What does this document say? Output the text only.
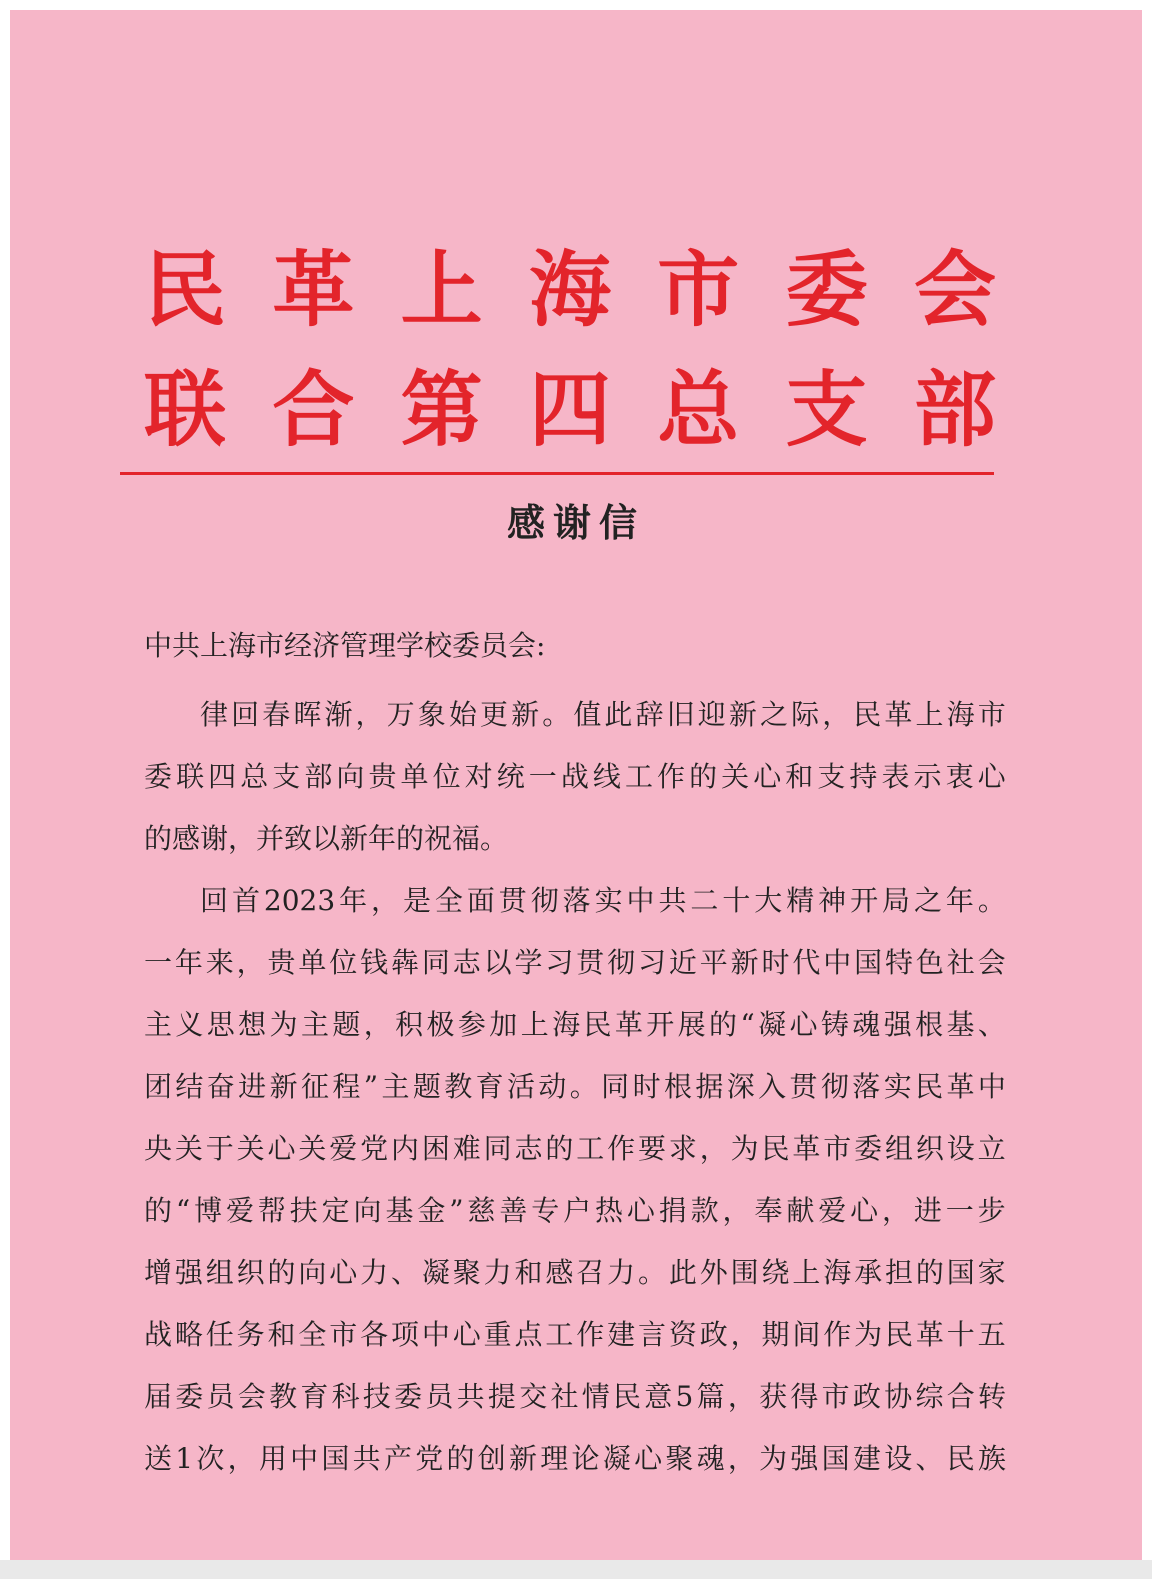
民 革 上 海 市 委 会
联 合 第 四 总 支 部
感谢信

中共上海市经济管理学校委员会:

律 回 春 晖 渐 ， 万 象 始 更 新 。 值 此 辞 旧 迎 新 之 际 ， 民 革 上 海 市
委 联 四 总 支 部 向 贵 单 位 对 统 一 战 线 工 作 的 关 心 和 支 持 表 示 衷 心
的感谢，并致以新年的祝福。
回 首 2023 年 ， 是 全 面 贯 彻 落 实 中 共 二 十 大 精 神 开 局 之 年 。
一 年 来 ， 贵 单 位 钱 犇 同 志 以 学 习 贯 彻 习 近 平 新 时 代 中 国 特 色 社 会
主 义 思 想 为 主 题 ， 积 极 参 加 上 海 民 革 开 展 的 “ 凝 心 铸 魂 强 根 基 、
团 结 奋 进 新 征 程 ” 主 题 教 育 活 动 。 同 时 根 据 深 入 贯 彻 落 实 民 革 中
央 关 于 关 心 关 爱 党 内 困 难 同 志 的 工 作 要 求 ， 为 民 革 市 委 组 织 设 立
的 “ 博 爱 帮 扶 定 向 基 金 ” 慈 善 专 户 热 心 捐 款 ， 奉 献 爱 心 ， 进 一 步
增 强 组 织 的 向 心 力 、 凝 聚 力 和 感 召 力 。 此 外 围 绕 上 海 承 担 的 国 家
战 略 任 务 和 全 市 各 项 中 心 重 点 工 作 建 言 资 政 ， 期 间 作 为 民 革 十 五
届 委 员 会 教 育 科 技 委 员 共 提 交 社 情 民 意 5 篇 ， 获 得 市 政 协 综 合 转
送 1 次 ， 用 中 国 共 产 党 的 创 新 理 论 凝 心 聚 魂 ， 为 强 国 建 设 、 民 族
